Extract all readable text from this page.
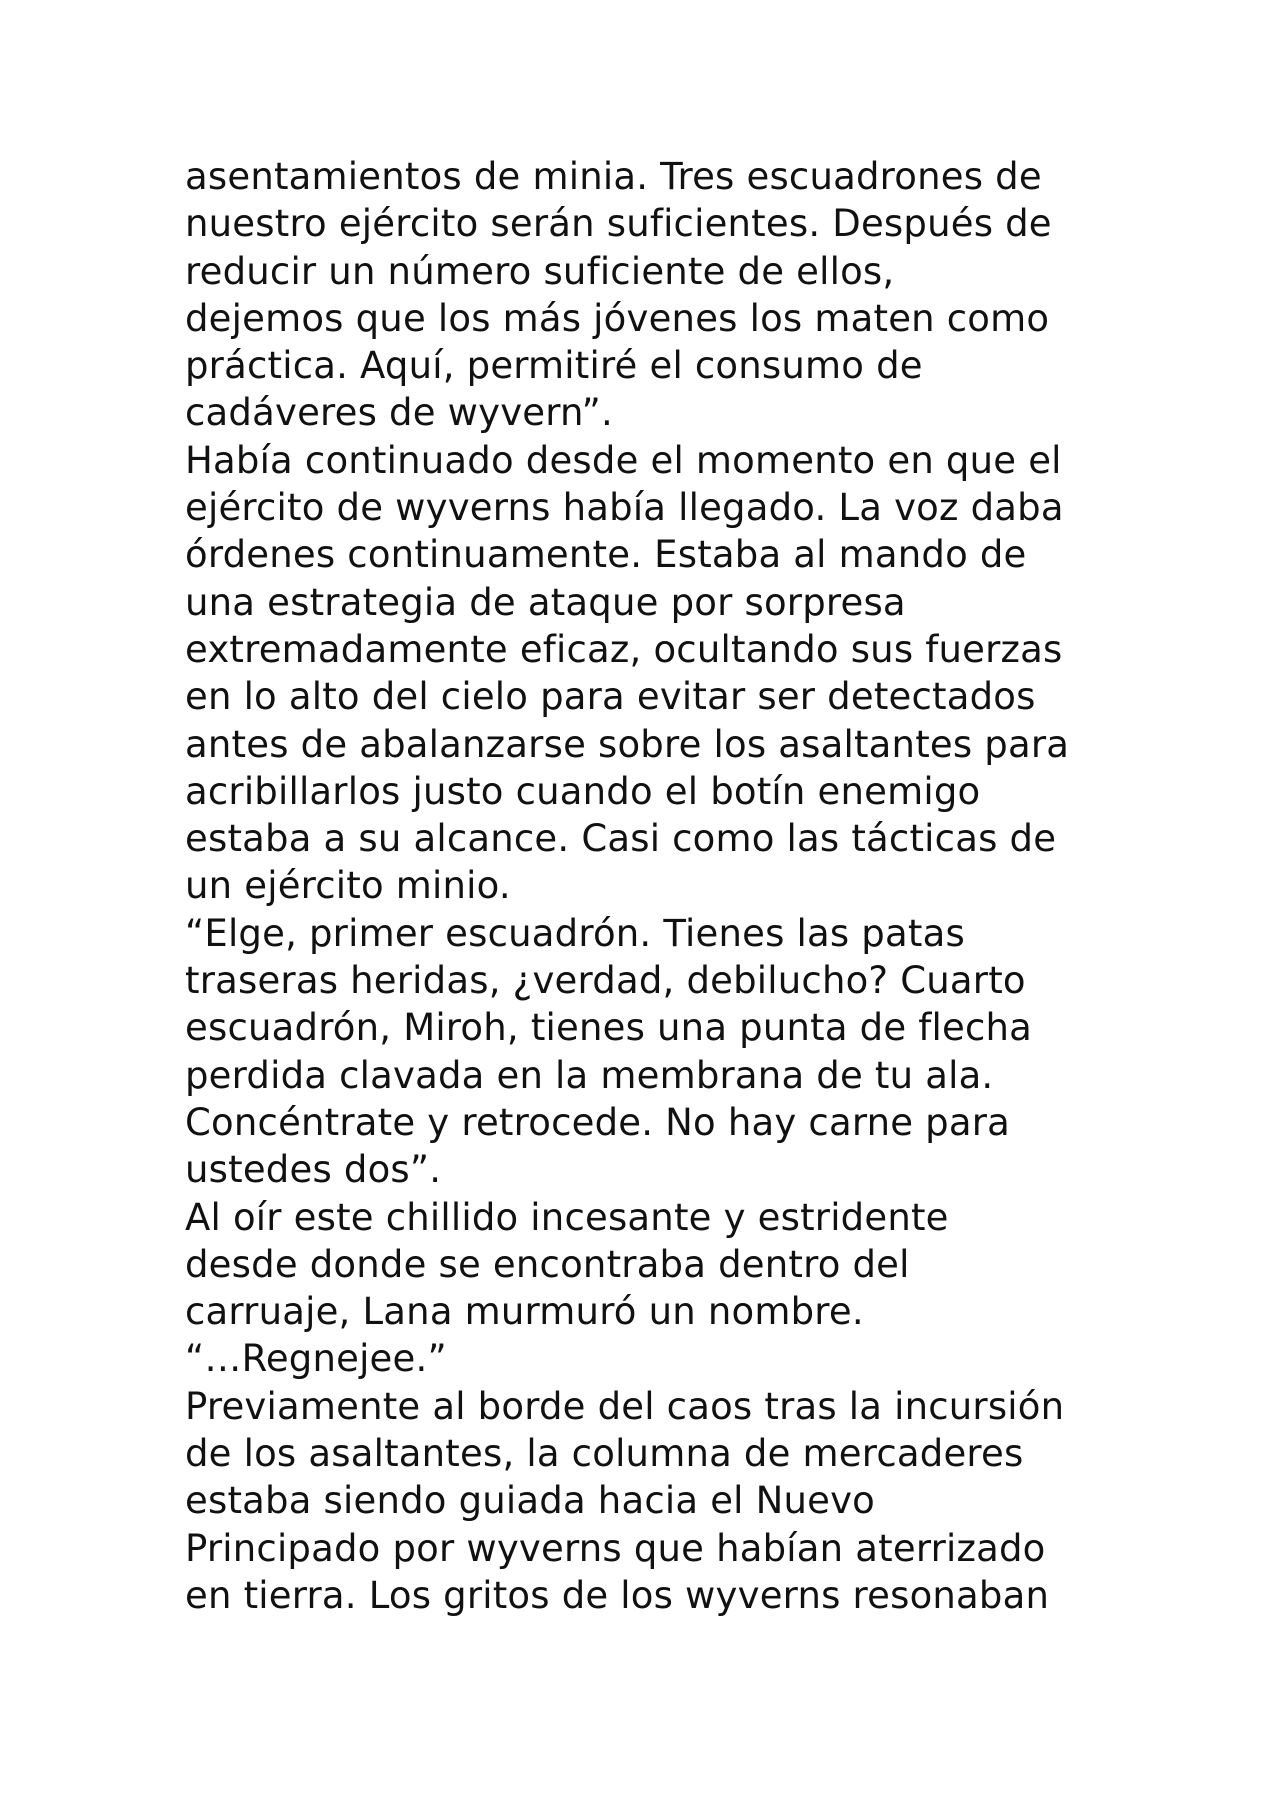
asentamientos de minia. Tres escuadrones de
nuestro ejército serán suficientes. Después de
reducir un número suficiente de ellos,
dejemos que los más jóvenes los maten como
práctica. Aquí, permitiré el consumo de
cadáveres de wyvern”.
Había continuado desde el momento en que el
ejército de wyverns había llegado. La voz daba
órdenes continuamente. Estaba al mando de
una estrategia de ataque por sorpresa
extremadamente eficaz, ocultando sus fuerzas
en lo alto del cielo para evitar ser detectados
antes de abalanzarse sobre los asaltantes para
acribillarlos justo cuando el botín enemigo
estaba a su alcance. Casi como las tácticas de
un ejército minio.
“Elge, primer escuadrón. Tienes las patas
traseras heridas, ¿verdad, debilucho? Cuarto
escuadrón, Miroh, tienes una punta de flecha
perdida clavada en la membrana de tu ala.
Concéntrate y retrocede. No hay carne para
ustedes dos”.
Al oír este chillido incesante y estridente
desde donde se encontraba dentro del
carruaje, Lana murmuró un nombre.
“…Regnejee.”
Previamente al borde del caos tras la incursión
de los asaltantes, la columna de mercaderes
estaba siendo guiada hacia el Nuevo
Principado por wyverns que habían aterrizado
en tierra. Los gritos de los wyverns resonaban
